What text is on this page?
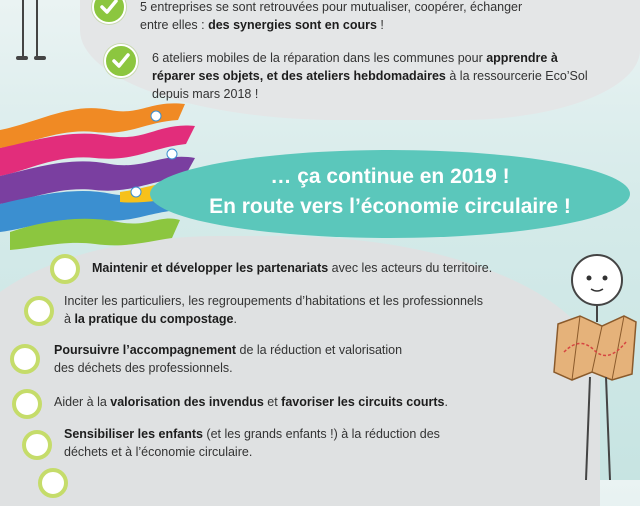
5 entreprises se sont retrouvées pour mutualiser, coopérer, échanger
entre elles : des synergies sont en cours !
6 ateliers mobiles de la réparation dans les communes pour apprendre à
réparer ses objets, et des ateliers hebdomadaires à la ressourcerie Eco’Sol
depuis mars 2018 !
… ça continue en 2019 !
En route vers l’économie circulaire !
Maintenir et développer les partenariats avec les acteurs du territoire.
Inciter les particuliers, les regroupements d’habitations et les professionnels
à la pratique du compostage.
Poursuivre l’accompagnement de la réduction et valorisation
des déchets des professionnels.
Aider à la valorisation des invendus et favoriser les circuits courts.
Sensibiliser les enfants (et les grands enfants !) à la réduction des
déchets et à l’économie circulaire.
